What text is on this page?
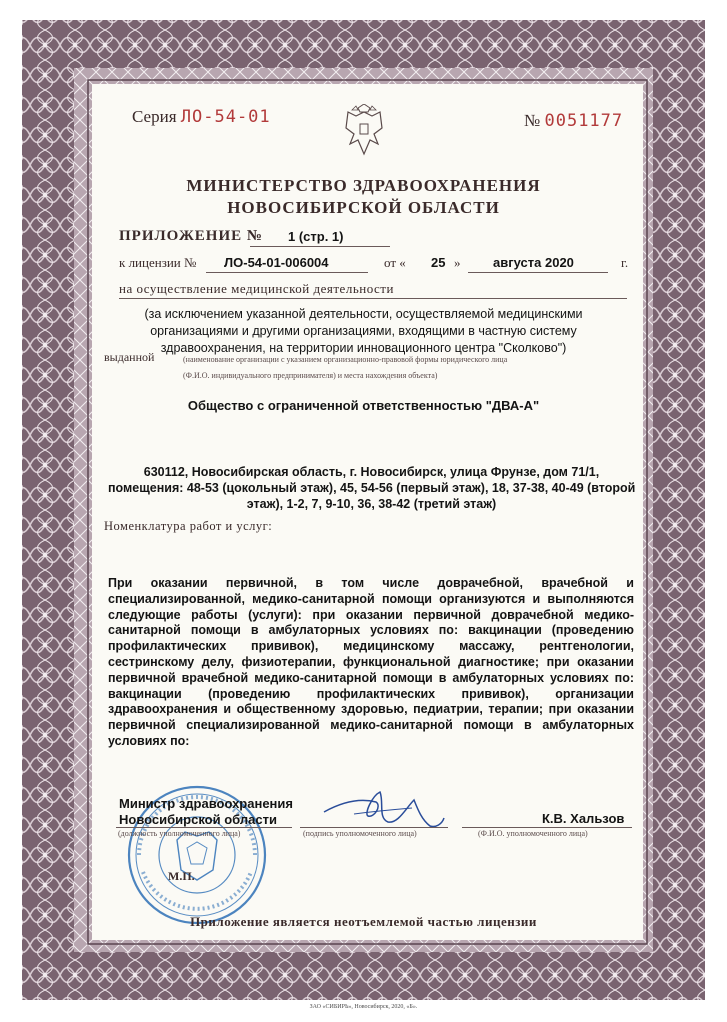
Серия ЛО-54-01	№ 0051177
МИНИСТЕРСТВО ЗДРАВООХРАНЕНИЯ
НОВОСИБИРСКОЙ ОБЛАСТИ
ПРИЛОЖЕНИЕ № 1 (стр. 1)
к лицензии № ЛО-54-01-006004	от « 25 »	августа 2020	г.
на осуществление медицинской деятельности
(за исключением указанной деятельности, осуществляемой медицинскими
организациями и другими организациями, входящими в частную систему
здравоохранения, на территории инновационного центра "Сколково")
выданной	(наименование организации с указанием организационно-правовой формы юридического лица
(Ф.И.О. индивидуального предпринимателя) и места нахождения объекта)
Общество с ограниченной ответственностью "ДВА-А"
630112, Новосибирская область, г. Новосибирск, улица Фрунзе, дом 71/1,
помещения: 48-53 (цокольный этаж), 45, 54-56 (первый этаж), 18, 37-38, 40-49 (второй
этаж), 1-2, 7, 9-10, 36, 38-42 (третий этаж)
Номенклатура работ и услуг:
При оказании первичной, в том числе доврачебной, врачебной и
специализированной, медико-санитарной помощи организуются и выполняются
следующие работы (услуги): при оказании первичной доврачебной медико-
санитарной помощи в амбулаторных условиях по: вакцинации (проведению
профилактических прививок), медицинскому массажу, рентгенологии,
сестринскому делу, физиотерапии, функциональной диагностике; при оказании
первичной врачебной медико-санитарной помощи в амбулаторных условиях по:
вакцинации (проведению профилактических прививок), организации
здравоохранения и общественному здоровью, педиатрии, терапии; при оказании
первичной специализированной медико-санитарной помощи в амбулаторных
условиях по:
Министр здравоохранения
Новосибирской области
(должность уполномоченного лица)	(подпись уполномоченного лица)
К.В. Хальзов
(Ф.И.О. уполномоченного лица)
М.П.
Приложение является неотъемлемой частью лицензии
ЗАО «СИБИРЬ», Новосибирск, 2020, «Б».
